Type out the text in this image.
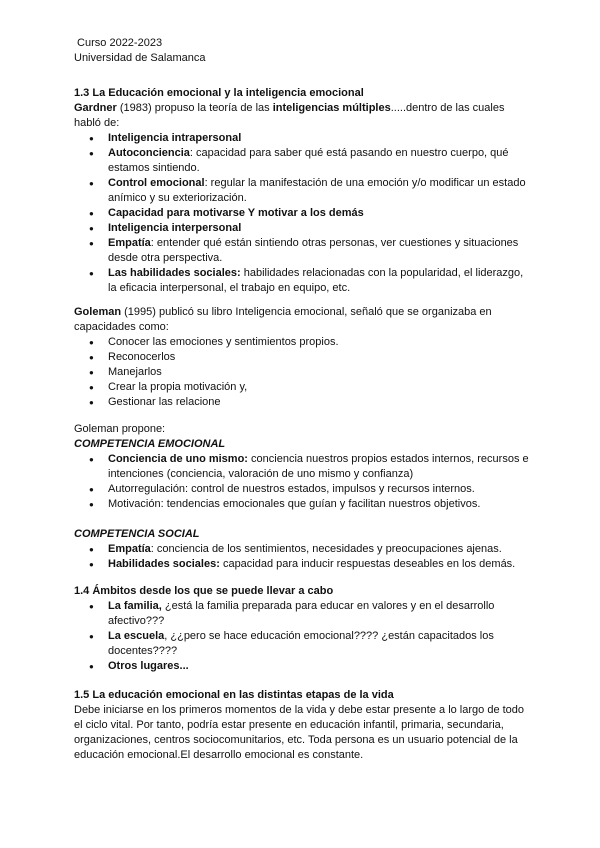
Curso 2022-2023
Universidad de Salamanca
1.3 La Educación emocional y la inteligencia emocional
Gardner (1983) propuso la teoría de las inteligencias múltiples.....dentro de las cuales habló de:
● Inteligencia intrapersonal
● Autoconciencia: capacidad para saber qué está pasando en nuestro cuerpo, qué estamos sintiendo.
● Control emocional: regular la manifestación de una emoción y/o modificar un estado anímico y su exteriorización.
● Capacidad para motivarse Y motivar a los demás
● Inteligencia interpersonal
● Empatía: entender qué están sintiendo otras personas, ver cuestiones y situaciones desde otra perspectiva.
● Las habilidades sociales: habilidades relacionadas con la popularidad, el liderazgo, la eficacia interpersonal, el trabajo en equipo, etc.
Goleman (1995) publicó su libro Inteligencia emocional, señaló que se organizaba en capacidades como:
● Conocer las emociones y sentimientos propios.
● Reconocerlos
● Manejarlos
● Crear la propia motivación y,
● Gestionar las relacione
Goleman propone:
COMPETENCIA EMOCIONAL
● Conciencia de uno mismo: conciencia nuestros propios estados internos, recursos e intenciones (conciencia, valoración de uno mismo y confianza)
● Autorregulación: control de nuestros estados, impulsos y recursos internos.
● Motivación: tendencias emocionales que guían y facilitan nuestros objetivos.
COMPETENCIA SOCIAL
● Empatía: conciencia de los sentimientos, necesidades y preocupaciones ajenas.
● Habilidades sociales: capacidad para inducir respuestas deseables en los demás.
1.4 Ámbitos desde los que se puede llevar a cabo
● La familia, ¿está la familia preparada para educar en valores y en el desarrollo afectivo???
● La escuela, ¿¿pero se hace educación emocional???? ¿están capacitados los docentes????
● Otros lugares...
1.5 La educación emocional en las distintas etapas de la vida
Debe iniciarse en los primeros momentos de la vida y debe estar presente a lo largo de todo el ciclo vital. Por tanto, podría estar presente en educación infantil, primaria, secundaria, organizaciones, centros sociocomunitarios, etc. Toda persona es un usuario potencial de la educación emocional.El desarrollo emocional es constante.
